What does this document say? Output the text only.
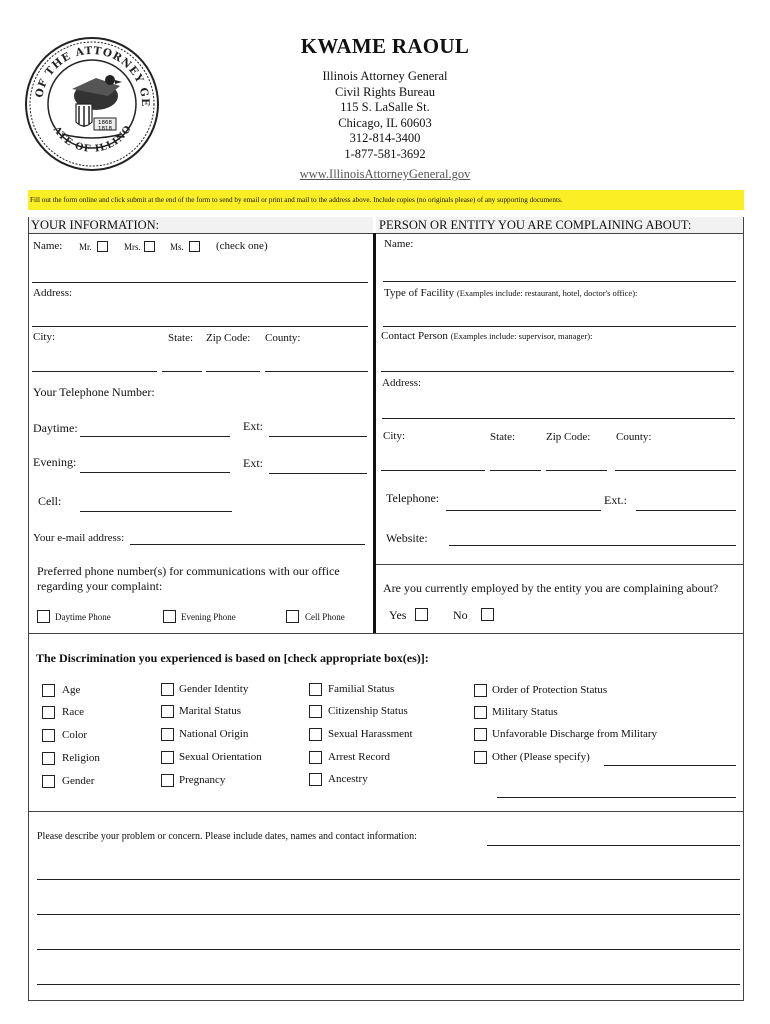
OF THE ATTORNEY GE
ATE OF ILLINO
1868
1818
KWAME RAOUL
Illinois Attorney General
Civil Rights Bureau
115 S. LaSalle St.
Chicago, IL 60603
312-814-3400
1-877-581-3692
www.IllinoisAttorneyGeneral.gov
Fill out the form online and click submit at the end of the form to send by email or print and mail to the address above. Include copies (no originals please) of any supporting documents.
YOUR INFORMATION:	PERSON OR ENTITY YOU ARE COMPLAINING ABOUT:
Name: Mr.	Mrs.	Ms.	(check one)
Address:
City:	State: Zip Code: County:
Your Telephone Number:
Daytime:	Ext:
Evening:	Ext:
Cell:
Your e-mail address:
Preferred phone number(s) for communications with our office
regarding your complaint:
Daytime Phone	Evening Phone	Cell Phone
Name:
Type of Facility (Examples include: restaurant, hotel, doctor's office):
Contact Person (Examples include: supervisor, manager):
Address:
City:	State:	Zip Code: County:
Telephone:	Ext.:
Website:
Are you currently employed by the entity you are complaining about?
Yes	No
The Discrimination you experienced is based on [check appropriate box(es)]:
Age
Race
Color
Religion
Gender
Gender Identity
Marital Status
National Origin
Sexual Orientation
Pregnancy
Familial Status
Citizenship Status
Sexual Harassment
Arrest Record
Ancestry
Order of Protection Status
Military Status
Unfavorable Discharge from Military
Other (Please specify)
Please describe your problem or concern. Please include dates, names and contact information:
